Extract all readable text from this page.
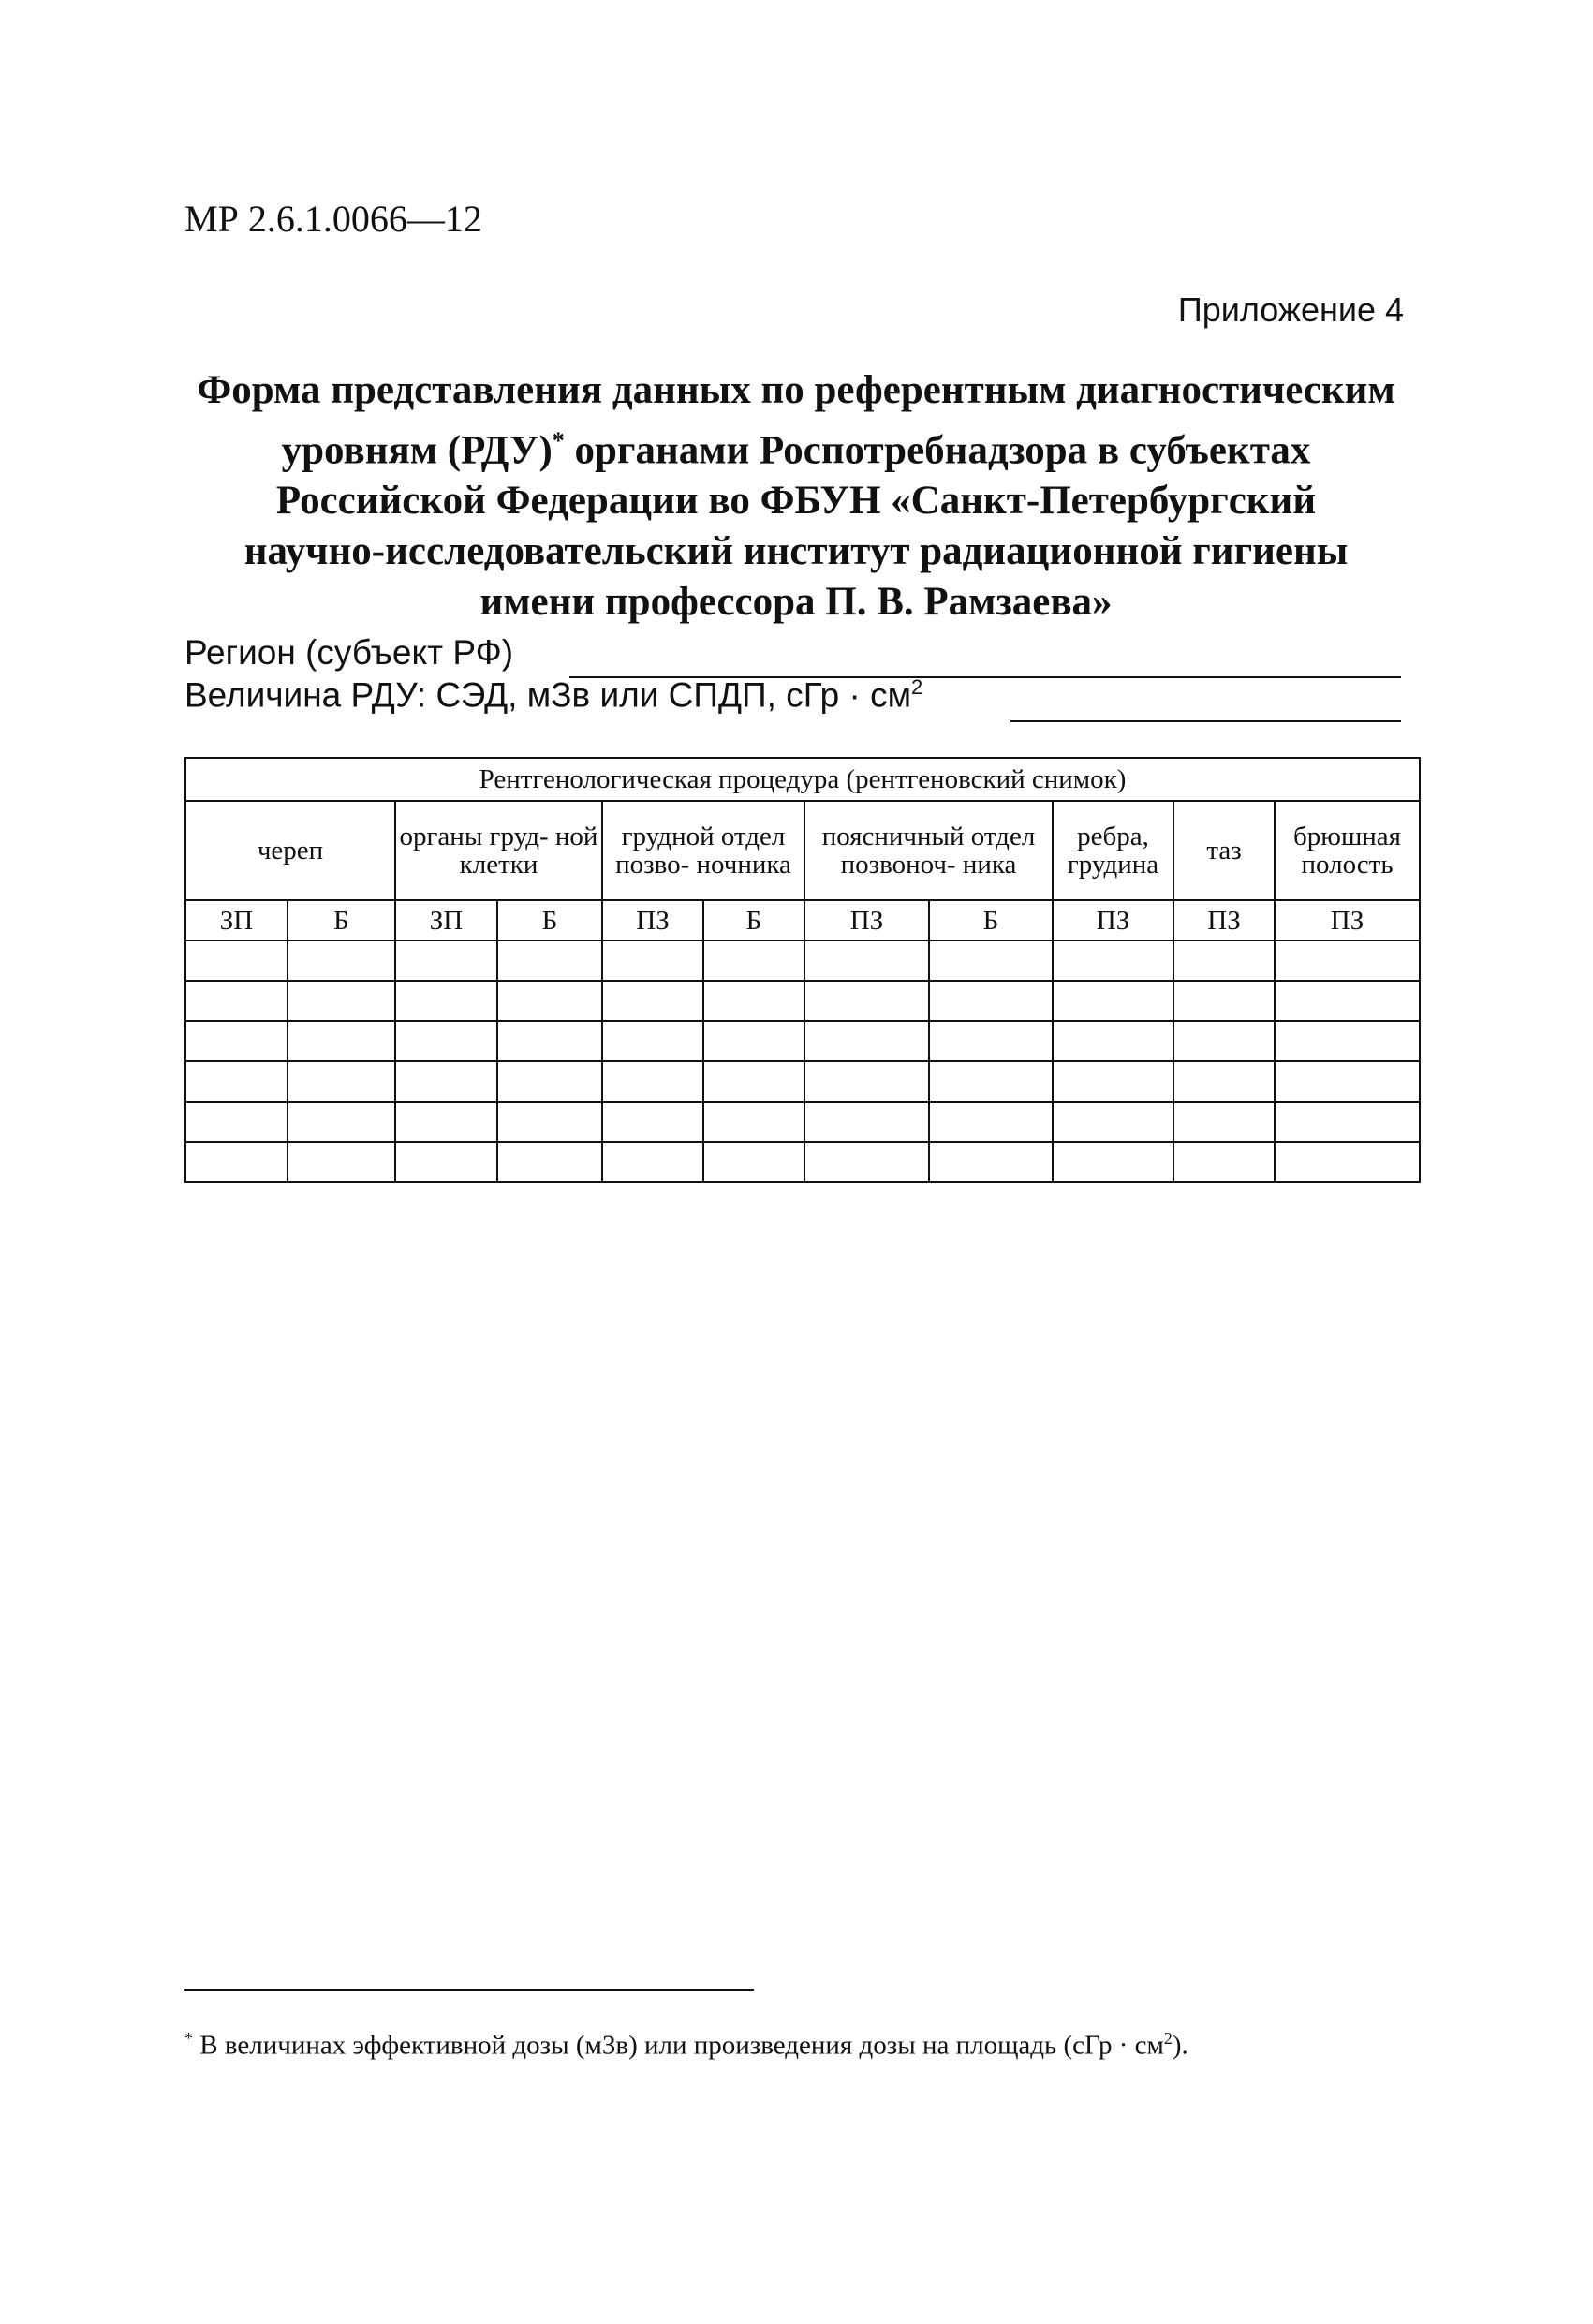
МР 2.6.1.0066—12
Приложение 4
Форма представления данных по референтным диагностическим
уровням (РДУ)* органами Роспотребнадзора в субъектах
Российской Федерации во ФБУН «Санкт-Петербургский
научно-исследовательский институт радиационной гигиены
имени профессора П. В. Рамзаева»
Регион (субъект РФ)
Величина РДУ: СЭД, мЗв или СПДП, сГр · $см^2$
Рентгенологическая процедура (рентгеновский снимок)										
череп		органы груд- ной клетки		грудной отдел позво- ночника		поясничный отдел позвоноч- ника		ребра, грудина	таз	брюшная полость
ЗП	Б	ЗП	Б	ПЗ	Б	ПЗ	Б	ПЗ	ПЗ	ПЗ

* В величинах эффективной дозы (мЗв) или произведения дозы на площадь $(сГр \cdot см^2)$.
